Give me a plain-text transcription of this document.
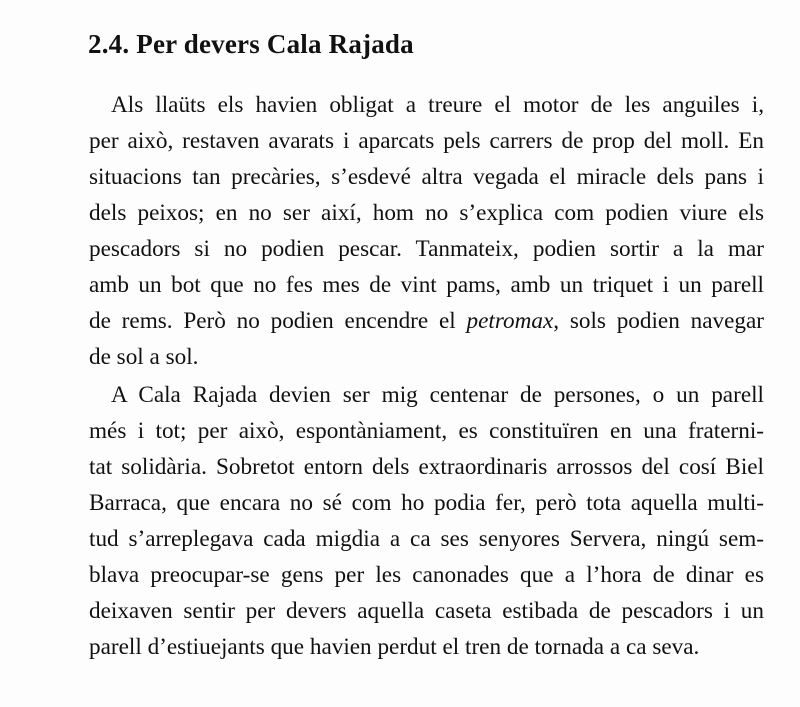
2.4. Per devers Cala Rajada
Als llaüts els havien obligat a treure el motor de les anguiles i,
per això, restaven avarats i aparcats pels carrers de prop del moll. En
situacions tan precàries, s’esdevé altra vegada el miracle dels pans i
dels peixos; en no ser així, hom no s’explica com podien viure els
pescadors si no podien pescar. Tanmateix, podien sortir a la mar
amb un bot que no fes mes de vint pams, amb un triquet i un parell
de rems. Però no podien encendre el petromax, sols podien navegar
de sol a sol.
A Cala Rajada devien ser mig centenar de persones, o un parell
més i tot; per això, espontàniament, es constituïren en una fraterni-
tat solidària. Sobretot entorn dels extraordinaris arrossos del cosí Biel
Barraca, que encara no sé com ho podia fer, però tota aquella multi-
tud s’arreplegava cada migdia a ca ses senyores Servera, ningú sem-
blava preocupar-se gens per les canonades que a l’hora de dinar es
deixaven sentir per devers aquella caseta estibada de pescadors i un
parell d’estiuejants que havien perdut el tren de tornada a ca seva.
